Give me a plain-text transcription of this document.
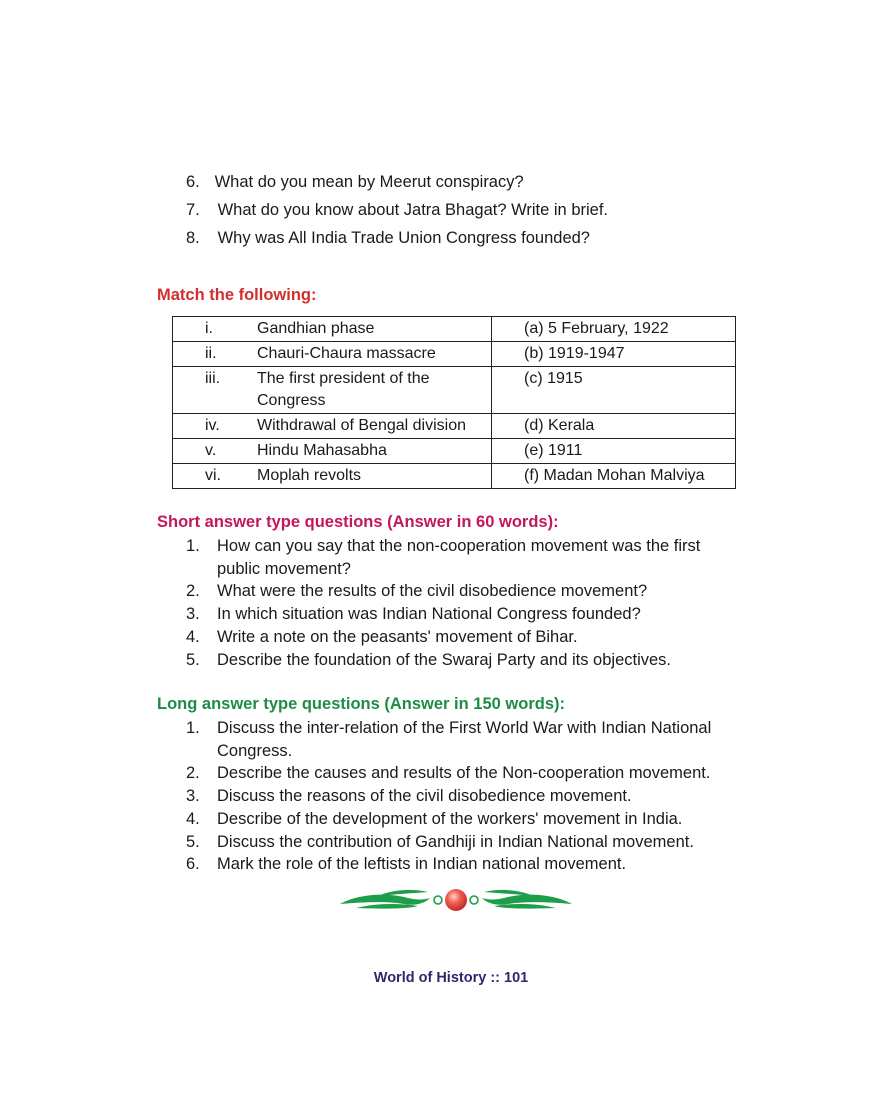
6. What do you mean by Meerut conspiracy?
7. What do you know about Jatra Bhagat? Write in brief.
8. Why was All India Trade Union Congress founded?
Match the following:
i.	Gandhian phase	(a) 5 February, 1922
ii.	Chauri-Chaura massacre	(b) 1919-1947
iii.	The first president of the Congress	(c) 1915
iv.	Withdrawal of Bengal division	(d) Kerala
v.	Hindu Mahasabha	(e) 1911
vi.	Moplah revolts	(f) Madan Mohan Malviya
Short answer type questions (Answer in 60 words):
1. How can you say that the non-cooperation movement was the first public movement?
2. What were the results of the civil disobedience movement?
3. In which situation was Indian National Congress founded?
4. Write a note on the peasants' movement of Bihar.
5. Describe the foundation of the Swaraj Party and its objectives.
Long answer type questions (Answer in 150 words):
1. Discuss the inter-relation of the First World War with Indian National Congress.
2. Describe the causes and results of the Non-cooperation movement.
3. Discuss the reasons of the civil disobedience movement.
4. Describe of the development of the workers' movement in India.
5. Discuss the contribution of Gandhiji in Indian National movement.
6. Mark the role of the leftists in Indian national movement.
World of History :: 101
